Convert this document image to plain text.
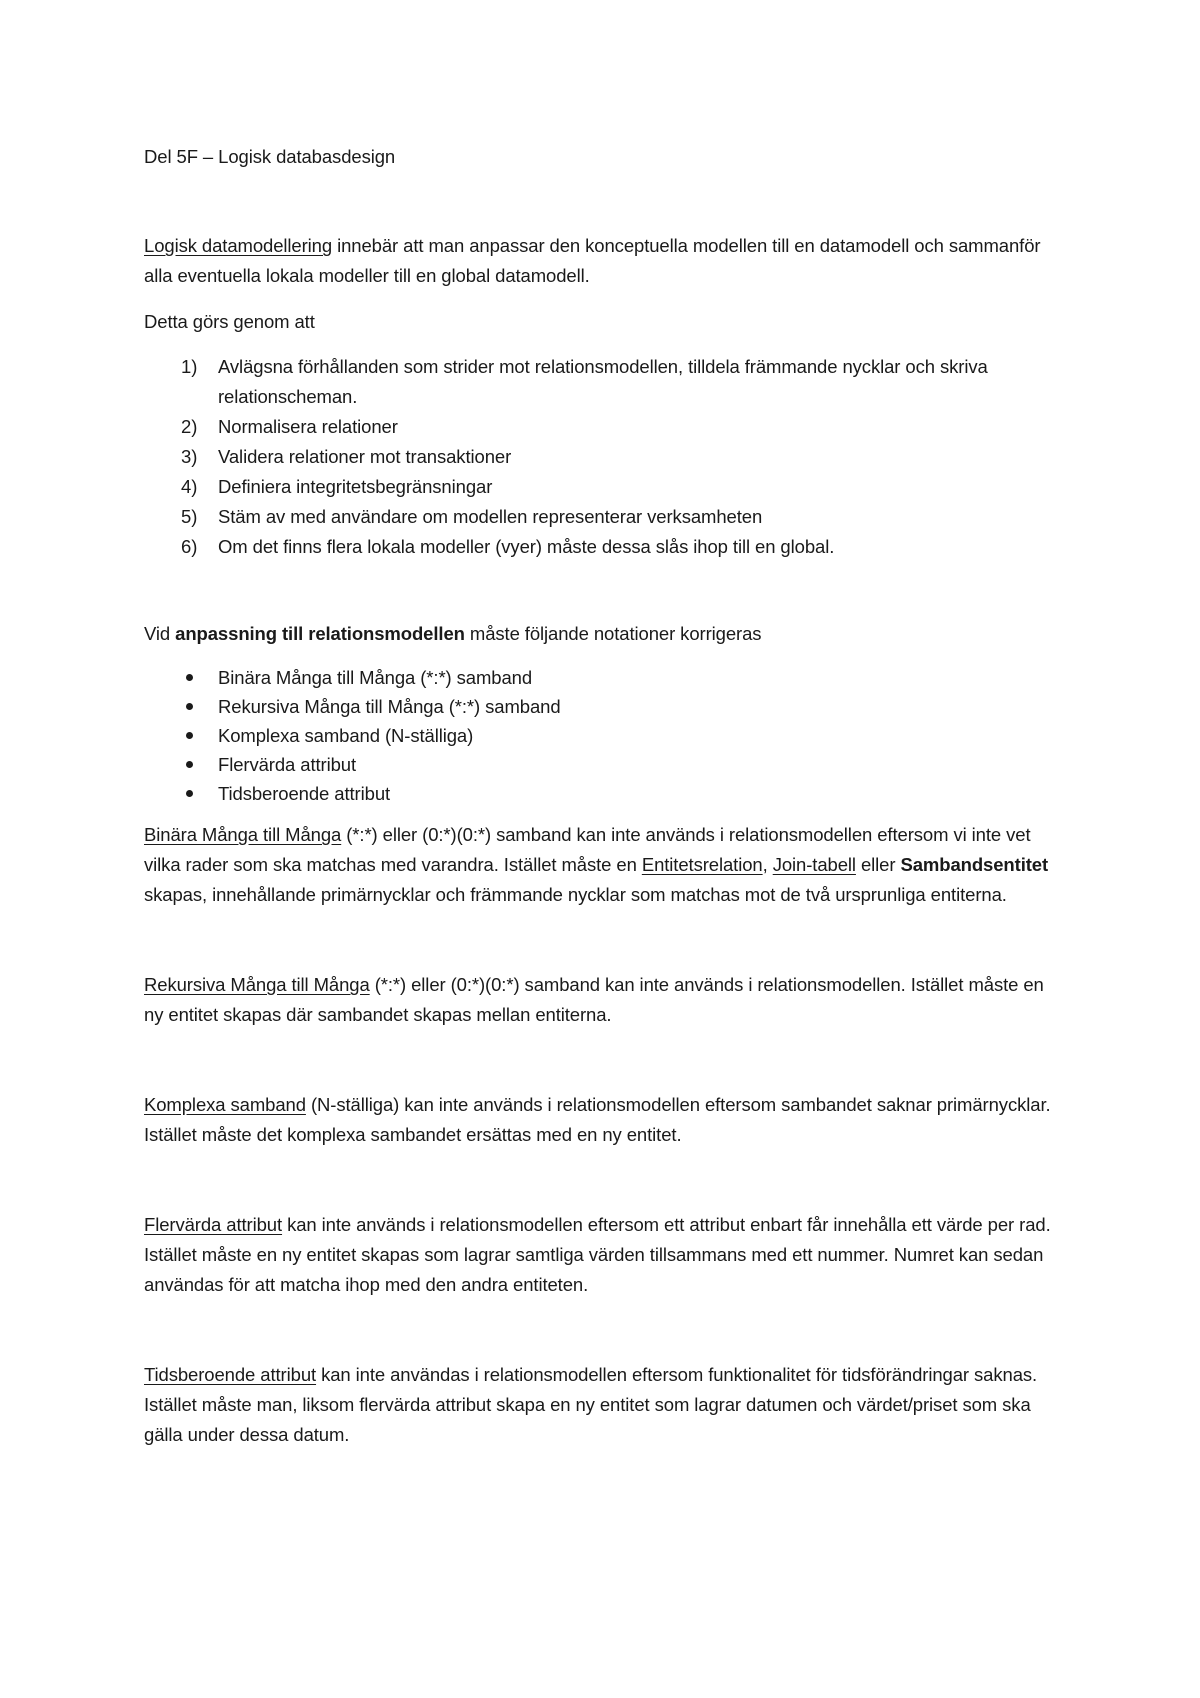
Del 5F – Logisk databasdesign

Logisk datamodellering innebär att man anpassar den konceptuella modellen till en datamodell och sammanför alla eventuella lokala modeller till en global datamodell.

Detta görs genom att

1) Avlägsna förhållanden som strider mot relationsmodellen, tilldela främmande nycklar och skriva relationscheman.
2) Normalisera relationer
3) Validera relationer mot transaktioner
4) Definiera integritetsbegränsningar
5) Stäm av med användare om modellen representerar verksamheten
6) Om det finns flera lokala modeller (vyer) måste dessa slås ihop till en global.

Vid anpassning till relationsmodellen måste följande notationer korrigeras

Binära Många till Många (*:*) samband
Rekursiva Många till Många (*:*) samband
Komplexa samband (N-ställiga)
Flervärda attribut
Tidsberoende attribut

Binära Många till Många (*:*) eller (0:*)(0:*) samband kan inte används i relationsmodellen eftersom vi inte vet vilka rader som ska matchas med varandra. Istället måste en Entitetsrelation, Join-tabell eller Sambandsentitet skapas, innehållande primärnycklar och främmande nycklar som matchas mot de två ursprunliga entiterna.

Rekursiva Många till Många (*:*) eller (0:*)(0:*) samband kan inte används i relationsmodellen. Istället måste en ny entitet skapas där sambandet skapas mellan entiterna.

Komplexa samband (N-ställiga) kan inte används i relationsmodellen eftersom sambandet saknar primärnycklar. Istället måste det komplexa sambandet ersättas med en ny entitet.

Flervärda attribut kan inte används i relationsmodellen eftersom ett attribut enbart får innehålla ett värde per rad. Istället måste en ny entitet skapas som lagrar samtliga värden tillsammans med ett nummer. Numret kan sedan användas för att matcha ihop med den andra entiteten.

Tidsberoende attribut kan inte användas i relationsmodellen eftersom funktionalitet för tidsförändringar saknas. Istället måste man, liksom flervärda attribut skapa en ny entitet som lagrar datumen och värdet/priset som ska gälla under dessa datum.
